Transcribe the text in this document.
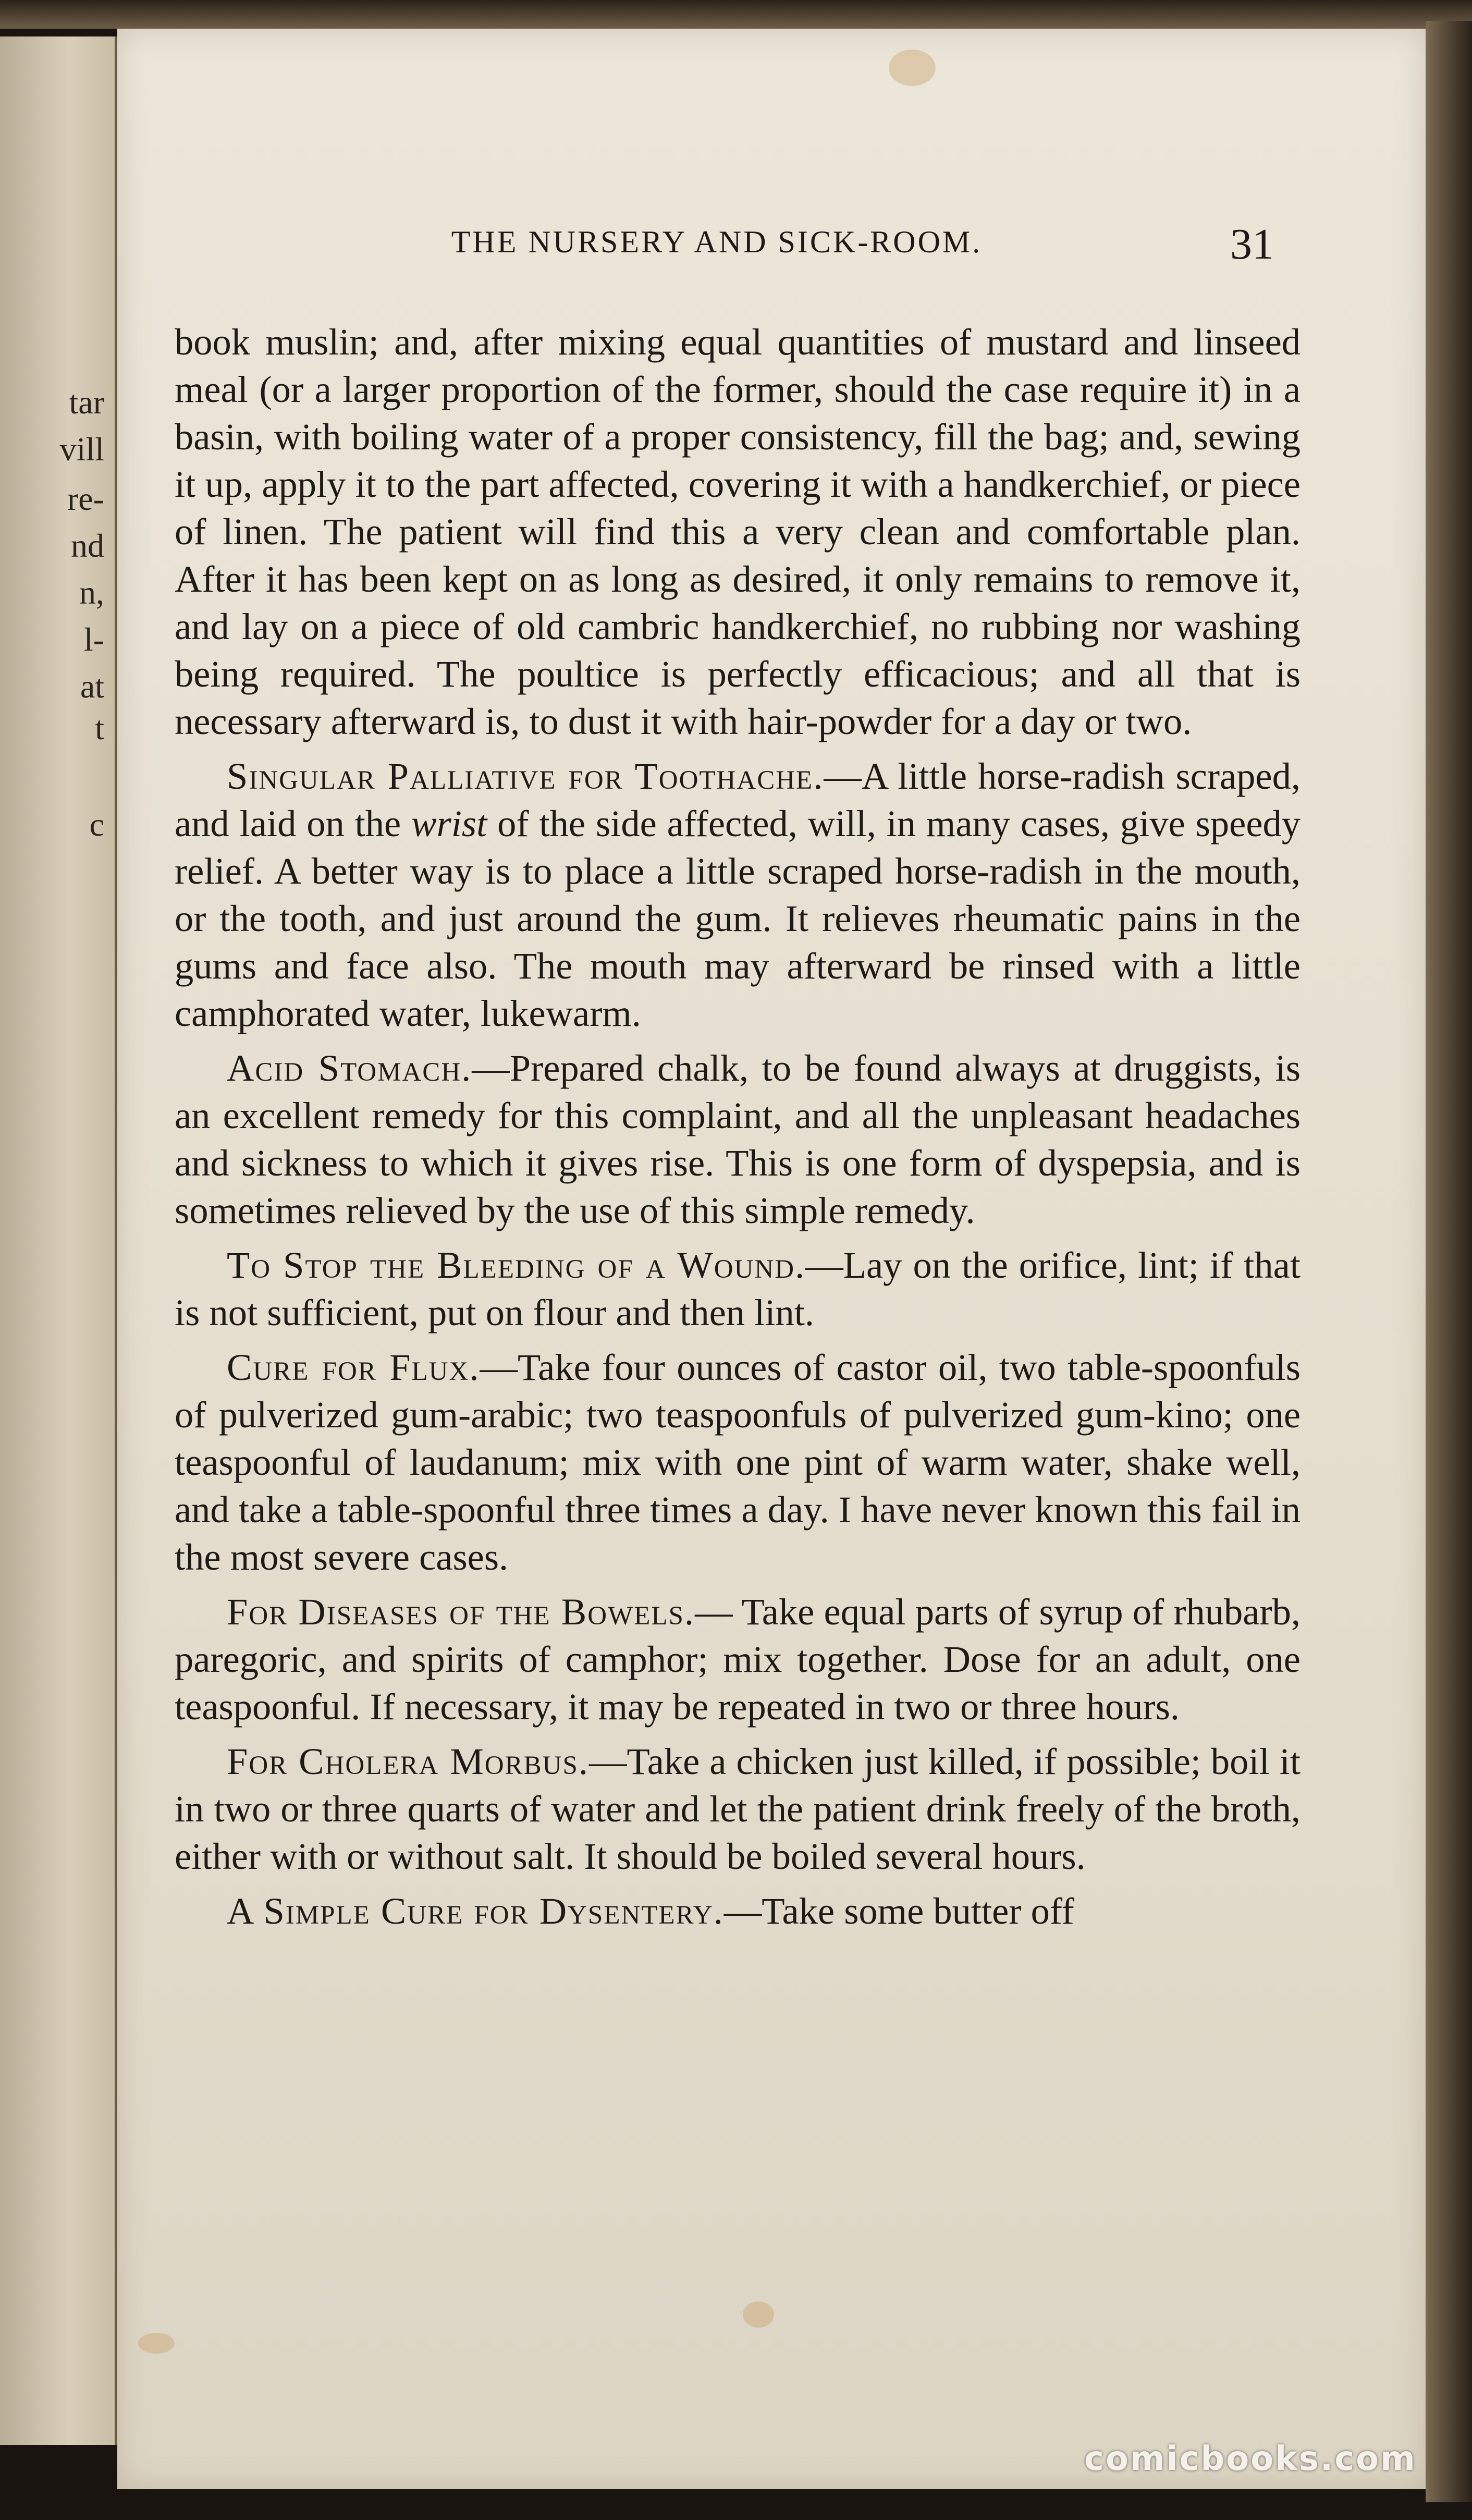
tar
vill
re-
nd
n,
l-
at
t
c
THE NURSERY AND SICK-ROOM.	31

book muslin; and, after mixing equal quantities of mustard and linseed meal (or a larger proportion of the former, should the case require it) in a basin, with boiling water of a proper consistency, fill the bag; and, sewing it up, apply it to the part affected, covering it with a handkerchief, or piece of linen. The patient will find this a very clean and comfortable plan. After it has been kept on as long as desired, it only remains to remove it, and lay on a piece of old cambric handkerchief, no rubbing nor washing being required. The poultice is perfectly efficacious; and all that is necessary afterward is, to dust it with hair-powder for a day or two.

Singular Palliative for Toothache.—A little horse-radish scraped, and laid on the wrist of the side affected, will, in many cases, give speedy relief. A better way is to place a little scraped horse-radish in the mouth, or the tooth, and just around the gum. It relieves rheumatic pains in the gums and face also. The mouth may afterward be rinsed with a little camphorated water, lukewarm.

Acid Stomach.—Prepared chalk, to be found always at druggists, is an excellent remedy for this complaint, and all the unpleasant headaches and sickness to which it gives rise. This is one form of dyspepsia, and is sometimes relieved by the use of this simple remedy.

To Stop the Bleeding of a Wound.—Lay on the orifice, lint; if that is not sufficient, put on flour and then lint.

Cure for Flux.—Take four ounces of castor oil, two table-spoonfuls of pulverized gum-arabic; two teaspoonfuls of pulverized gum-kino; one teaspoonful of laudanum; mix with one pint of warm water, shake well, and take a table-spoonful three times a day. I have never known this fail in the most severe cases.

For Diseases of the Bowels.— Take equal parts of syrup of rhubarb, paregoric, and spirits of camphor; mix together. Dose for an adult, one teaspoonful. If necessary, it may be repeated in two or three hours.

For Cholera Morbus.—Take a chicken just killed, if possible; boil it in two or three quarts of water and let the patient drink freely of the broth, either with or without salt. It should be boiled several hours.

A Simple Cure for Dysentery.—Take some butter off

comicbooks.com
